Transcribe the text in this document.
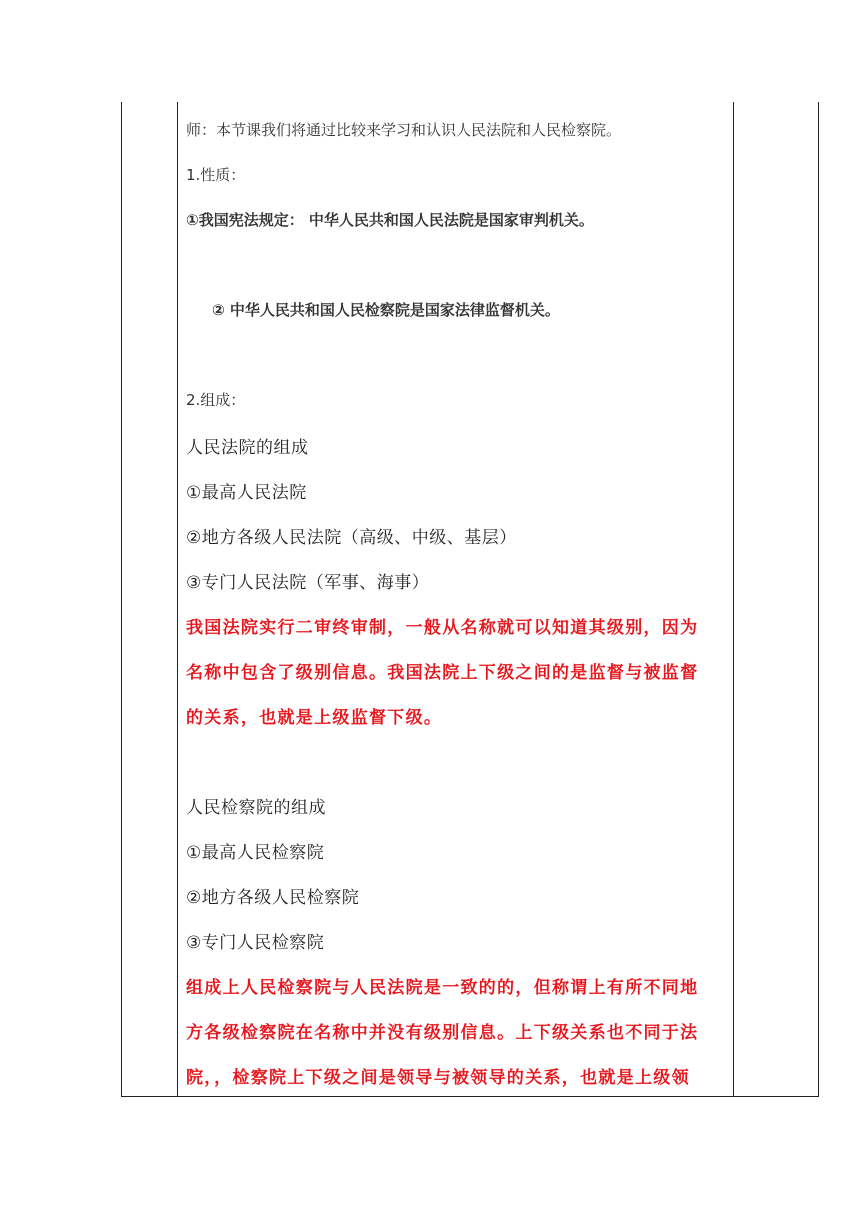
师：本节课我们将通过比较来学习和认识人民法院和人民检察院。
1.性质：
①我国宪法规定： 中华人民共和国人民法院是国家审判机关。
② 中华人民共和国人民检察院是国家法律监督机关。
2.组成：
人民法院的组成
①最高人民法院
②地方各级人民法院（高级、中级、基层）
③专门人民法院（军事、海事）
我国法院实行二审终审制，一般从名称就可以知道其级别，因为
名称中包含了级别信息。我国法院上下级之间的是监督与被监督
的关系，也就是上级监督下级。
人民检察院的组成
①最高人民检察院
②地方各级人民检察院
③专门人民检察院
组成上人民检察院与人民法院是一致的的，但称谓上有所不同地
方各级检察院在名称中并没有级别信息。上下级关系也不同于法
院，，检察院上下级之间是领导与被领导的关系，也就是上级领
